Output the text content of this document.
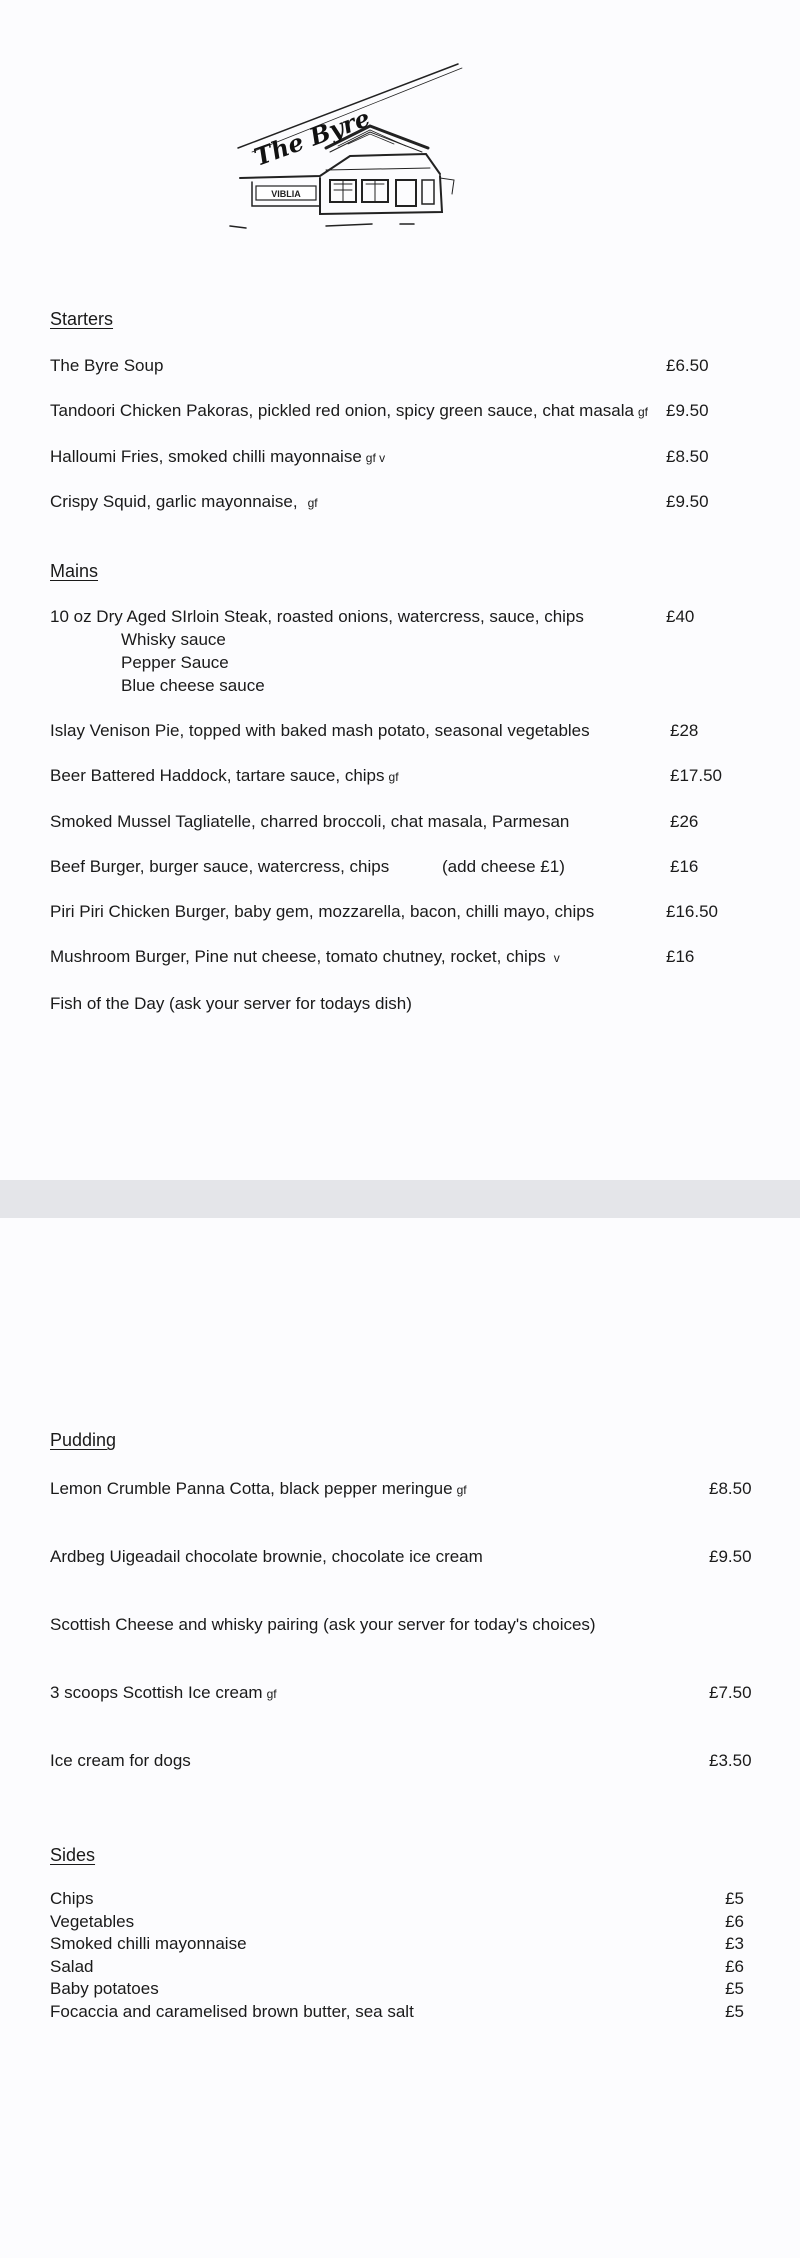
VIBLIA
The Byre
Starters
The Byre Soup	£6.50
Tandoori Chicken Pakoras, pickled red onion, spicy green sauce, chat masala gf £9.50
Halloumi Fries, smoked chilli mayonnaise gf v	£8.50
Crispy Squid, garlic mayonnaise, gf	£9.50
Mains
10 oz Dry Aged SIrloin Steak, roasted onions, watercress, sauce, chips	£40
Whisky sauce
Pepper Sauce
Blue cheese sauce
Islay Venison Pie, topped with baked mash potato, seasonal vegetables	£28
Beer Battered Haddock, tartare sauce, chips gf	£17.50
Smoked Mussel Tagliatelle, charred broccoli, chat masala, Parmesan	£26
Beef Burger, burger sauce, watercress, chips	(add cheese £1)	£16
Piri Piri Chicken Burger, baby gem, mozzarella, bacon, chilli mayo, chips	£16.50
Mushroom Burger, Pine nut cheese, tomato chutney, rocket, chips v	£16
Fish of the Day (ask your server for todays dish)
Pudding
Lemon Crumble Panna Cotta, black pepper meringue gf	£8.50
Ardbeg Uigeadail chocolate brownie, chocolate ice cream	£9.50
Scottish Cheese and whisky pairing (ask your server for today's choices)
3 scoops Scottish Ice cream gf	£7.50
Ice cream for dogs	£3.50
Sides
Chips	£5
Vegetables	£6
Smoked chilli mayonnaise	£3
Salad	£6
Baby potatoes	£5
Focaccia and caramelised brown butter, sea salt	£5
